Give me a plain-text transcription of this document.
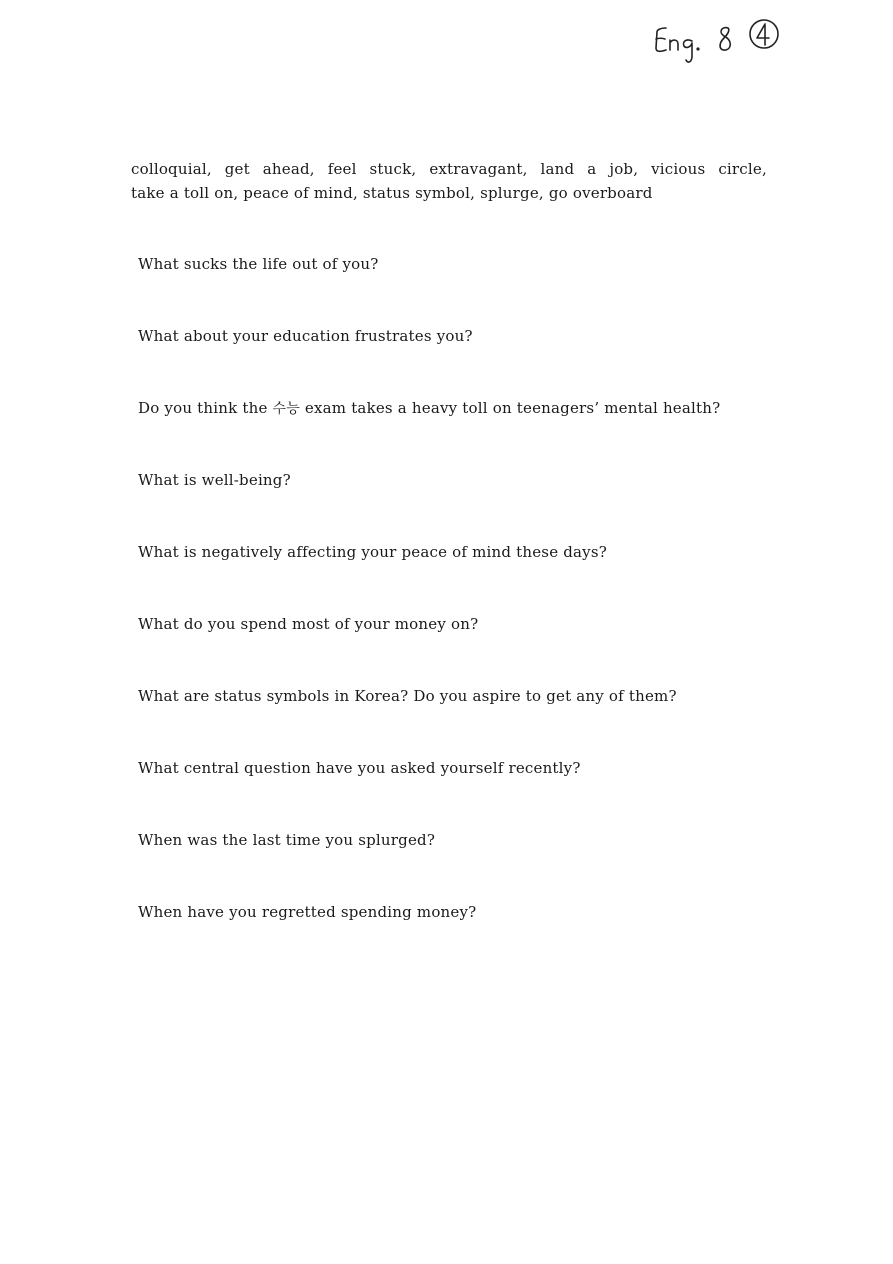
colloquial, get ahead, feel stuck, extravagant, land a job, vicious circle,
take a toll on, peace of mind, status symbol, splurge, go overboard
What sucks the life out of you?
What about your education frustrates you?
Do you think the 수능 exam takes a heavy toll on teenagers’ mental health?
What is well-being?
What is negatively affecting your peace of mind these days?
What do you spend most of your money on?
What are status symbols in Korea? Do you aspire to get any of them?
What central question have you asked yourself recently?
When was the last time you splurged?
When have you regretted spending money?
